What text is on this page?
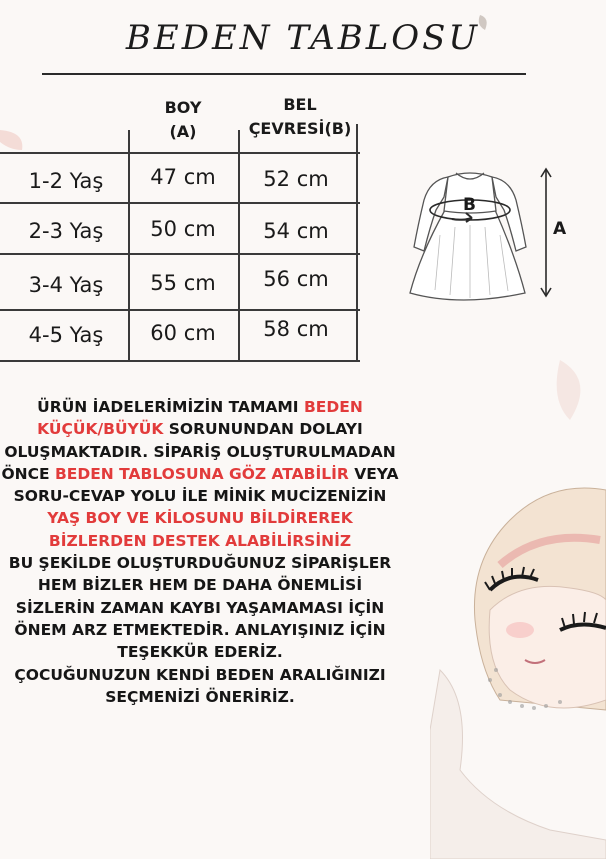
BEDEN TABLOSU
BOY
(A)
BEL
ÇEVRESİ(B)
1-2 Yaş	47 cm	52 cm
2-3 Yaş	50 cm	54 cm
3-4 Yaş	55 cm	56 cm
4-5 Yaş	60 cm	58 cm
B
A
ÜRÜN İADELERİMİZİN TAMAMI BEDEN KÜÇÜK/BÜYÜK SORUNUNDAN DOLAYI OLUŞMAKTADIR. SİPARİŞ OLUŞTURULMADAN ÖNCE BEDEN TABLOSUNA GÖZ ATABİLİR VEYA SORU-CEVAP YOLU İLE MİNİK MUCİZENİZİN YAŞ BOY VE KİLOSUNU BİLDİREREK BİZLERDEN DESTEK ALABİLİRSİNİZ
BU ŞEKİLDE OLUŞTURDUĞUNUZ SİPARİŞLER HEM BİZLER HEM DE DAHA ÖNEMLİSİ SİZLERİN ZAMAN KAYBI YAŞAMAMASI İÇİN ÖNEM ARZ ETMEKTEDİR. ANLAYIŞINIZ İÇİN TEŞEKKÜR EDERİZ.
ÇOCUĞUNUZUN KENDİ BEDEN ARALIĞINIZI SEÇMENİZİ ÖNERİRİZ.
